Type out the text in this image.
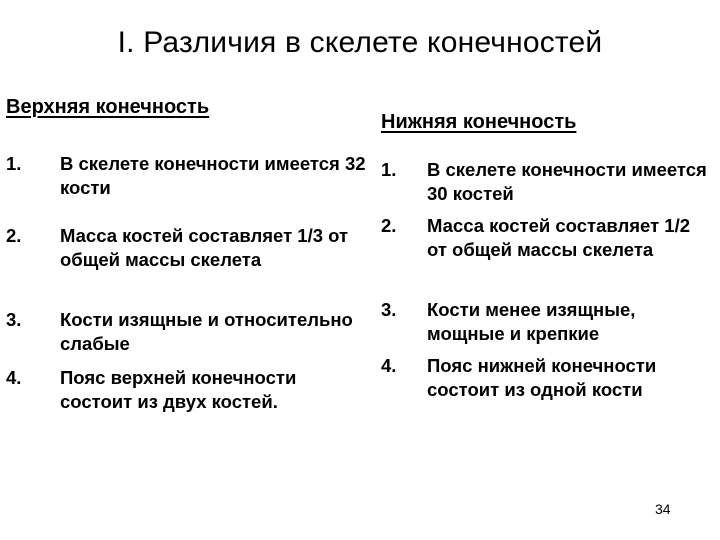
I. Различия в скелете конечностей
Верхняя конечность
1.	В скелете конечности имеется 32 кости
2.	Масса костей составляет 1/3 от общей массы скелета
3.	Кости изящные и относительно слабые
4.	Пояс верхней конечности состоит из двух костей.
Нижняя конечность
1.	В скелете конечности имеется 30 костей
2.	Масса костей составляет 1/2 от общей массы скелета
3.	Кости менее изящные, мощные и крепкие
4.	Пояс нижней конечности состоит из одной кости
34
